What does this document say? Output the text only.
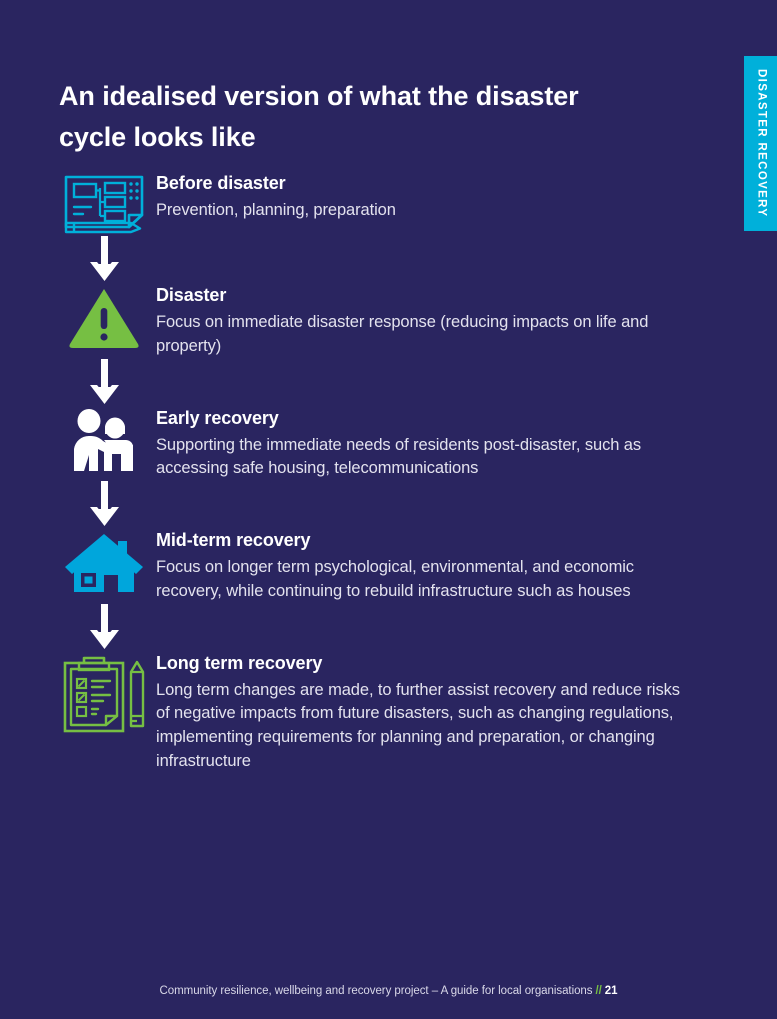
DISASTER RECOVERY
An idealised version of what the disaster cycle looks like
Before disaster
Prevention, planning, preparation
Disaster
Focus on immediate disaster response (reducing impacts on life and property)
Early recovery
Supporting the immediate needs of residents post-disaster, such as accessing safe housing, telecommunications
Mid-term recovery
Focus on longer term psychological, environmental, and economic recovery, while continuing to rebuild infrastructure such as houses
Long term recovery
Long term changes are made, to further assist recovery and reduce risks of negative impacts from future disasters, such as changing regulations, implementing requirements for planning and preparation, or changing infrastructure
Community resilience, wellbeing and recovery project – A guide for local organisations // 21
